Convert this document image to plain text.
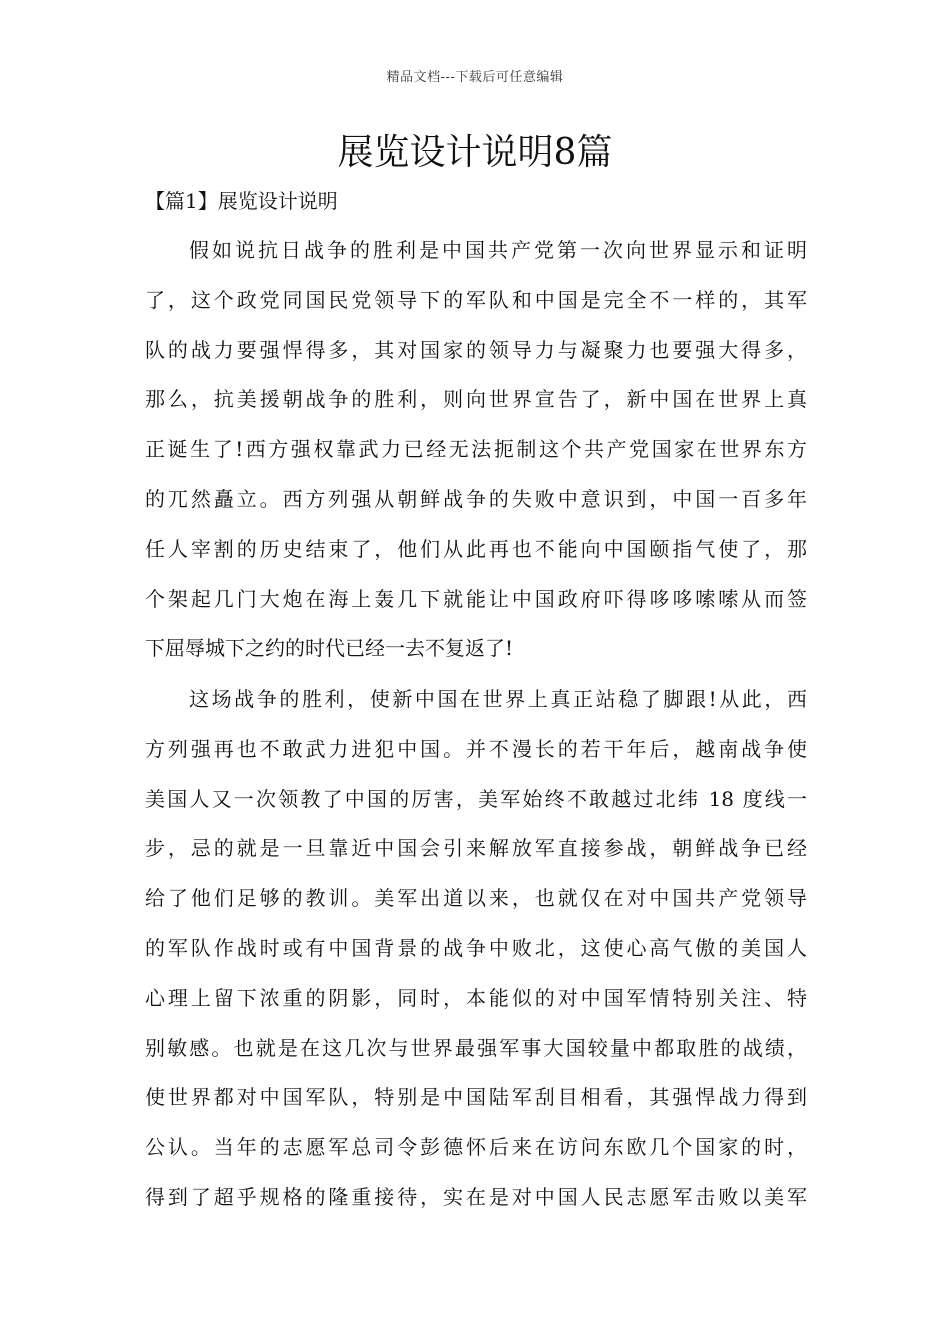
精品文档---下载后可任意编辑
展览设计说明8篇
【篇1】展览设计说明
假如说抗日战争的胜利是中国共产党第一次向世界显示和证明
了，这个政党同国民党领导下的军队和中国是完全不一样的，其军
队的战力要强悍得多，其对国家的领导力与凝聚力也要强大得多，
那么，抗美援朝战争的胜利，则向世界宣告了，新中国在世界上真
正诞生了!西方强权靠武力已经无法扼制这个共产党国家在世界东方
的兀然矗立。西方列强从朝鲜战争的失败中意识到，中国一百多年
任人宰割的历史结束了，他们从此再也不能向中国颐指气使了，那
个架起几门大炮在海上轰几下就能让中国政府吓得哆哆嗦嗦从而签
下屈辱城下之约的时代已经一去不复返了!
这场战争的胜利，使新中国在世界上真正站稳了脚跟!从此，西
方列强再也不敢武力进犯中国。并不漫长的若干年后，越南战争使
美国人又一次领教了中国的厉害，美军始终不敢越过北纬 18 度线一
步，忌的就是一旦靠近中国会引来解放军直接参战，朝鲜战争已经
给了他们足够的教训。美军出道以来，也就仅在对中国共产党领导
的军队作战时或有中国背景的战争中败北，这使心高气傲的美国人
心理上留下浓重的阴影，同时，本能似的对中国军情特别关注、特
别敏感。也就是在这几次与世界最强军事大国较量中都取胜的战绩，
使世界都对中国军队，特别是中国陆军刮目相看，其强悍战力得到
公认。当年的志愿军总司令彭德怀后来在访问东欧几个国家的时，
得到了超乎规格的隆重接待，实在是对中国人民志愿军击败以美军
